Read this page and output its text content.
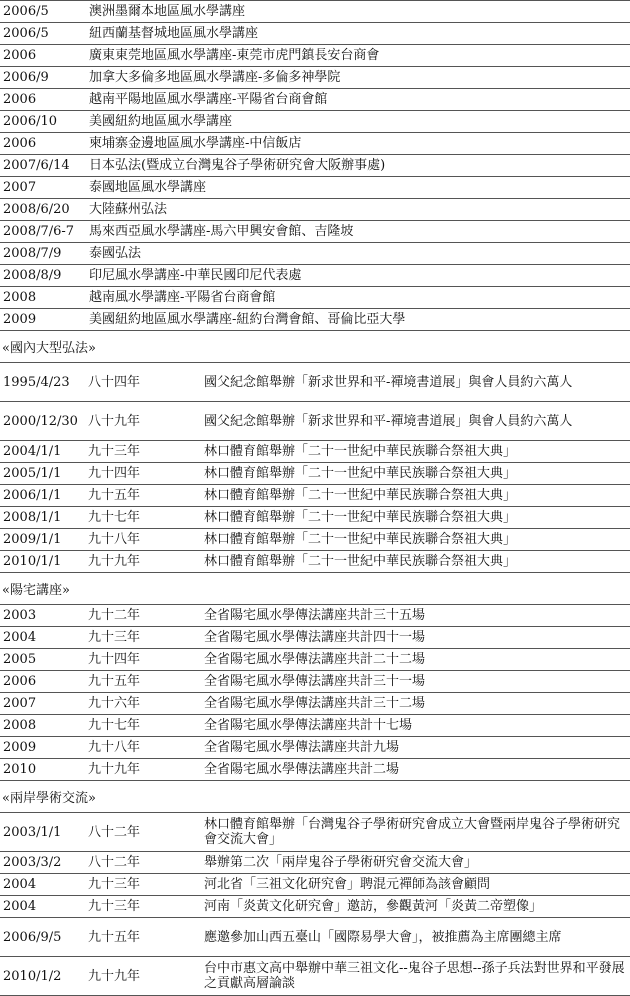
2006/5	澳洲墨爾本地區風水學講座
2006/5	紐西蘭基督城地區風水學講座
2006	廣東東莞地區風水學講座-東莞市虎門鎮長安台商會
2006/9	加拿大多倫多地區風水學講座-多倫多神學院
2006	越南平陽地區風水學講座-平陽省台商會館
2006/10	美國紐約地區風水學講座
2006	柬埔寨金邊地區風水學講座-中信飯店
2007/6/14	日本弘法(暨成立台灣鬼谷子學術研究會大阪辦事處)
2007	泰國地區風水學講座
2008/6/20	大陸蘇州弘法
2008/7/6-7	馬來西亞風水學講座-馬六甲興安會館、吉隆坡
2008/7/9	泰國弘法
2008/8/9	印尼風水學講座-中華民國印尼代表處
2008	越南風水學講座-平陽省台商會館
2009	美國紐約地區風水學講座-紐約台灣會館、哥倫比亞大學
«國內大型弘法»
1995/4/23	八十四年	國父紀念館舉辦「新求世界和平-禪境書道展」與會人員約六萬人
2000/12/30	八十九年	國父紀念館舉辦「新求世界和平-禪境書道展」與會人員約六萬人
2004/1/1	九十三年	林口體育館舉辦「二十一世紀中華民族聯合祭祖大典」
2005/1/1	九十四年	林口體育館舉辦「二十一世紀中華民族聯合祭祖大典」
2006/1/1	九十五年	林口體育館舉辦「二十一世紀中華民族聯合祭祖大典」
2008/1/1	九十七年	林口體育館舉辦「二十一世紀中華民族聯合祭祖大典」
2009/1/1	九十八年	林口體育館舉辦「二十一世紀中華民族聯合祭祖大典」
2010/1/1	九十九年	林口體育館舉辦「二十一世紀中華民族聯合祭祖大典」
«陽宅講座»
2003	九十二年	全省陽宅風水學傳法講座共計三十五場
2004	九十三年	全省陽宅風水學傳法講座共計四十一場
2005	九十四年	全省陽宅風水學傳法講座共計二十二場
2006	九十五年	全省陽宅風水學傳法講座共計三十一場
2007	九十六年	全省陽宅風水學傳法講座共計三十二場
2008	九十七年	全省陽宅風水學傳法講座共計十七場
2009	九十八年	全省陽宅風水學傳法講座共計九場
2010	九十九年	全省陽宅風水學傳法講座共計二場
«兩岸學術交流»
2003/1/1	八十二年	林口體育館舉辦「台灣鬼谷子學術研究會成立大會暨兩岸鬼谷子學術研究會交流大會」
2003/3/2	八十二年	舉辦第二次「兩岸鬼谷子學術研究會交流大會」
2004	九十三年	河北省「三祖文化研究會」聘混元禪師為該會顧問
2004	九十三年	河南「炎黃文化研究會」邀訪，參觀黃河「炎黃二帝塑像」
2006/9/5	九十五年	應邀參加山西五臺山「國際易學大會」，被推薦為主席團總主席
2010/1/2	九十九年	台中市惠文高中舉辦中華三祖文化--鬼谷子思想--孫子兵法對世界和平發展之貢獻高層論談
